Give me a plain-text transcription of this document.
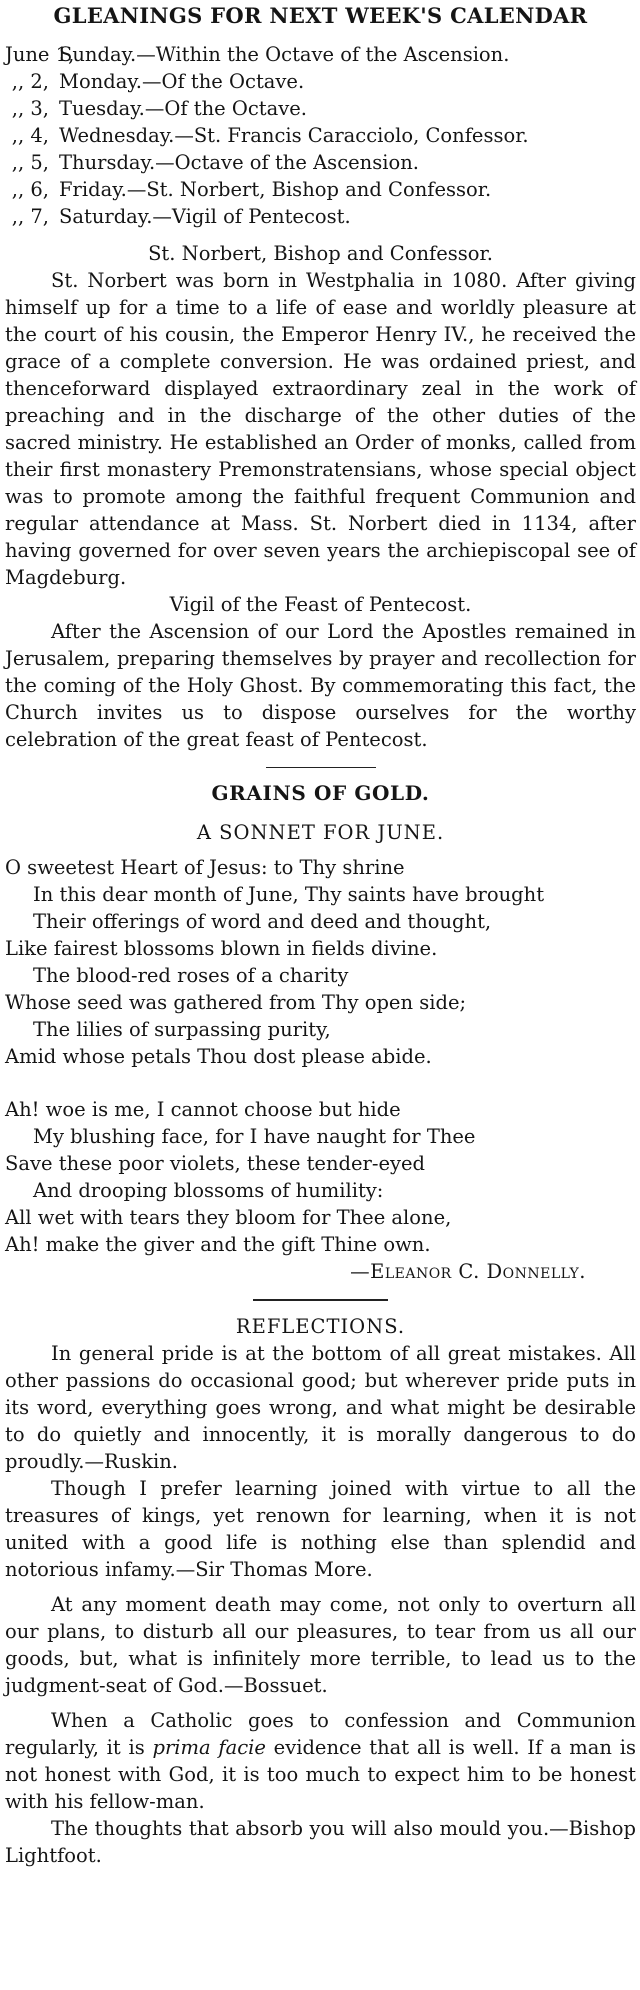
GLEANINGS FOR NEXT WEEK'S CALENDAR
June 1,Sunday.—Within the Octave of the Ascension.
,, 2, Monday.—Of the Octave.
,, 3, Tuesday.—Of the Octave.
,, 4, Wednesday.—St. Francis Caracciolo, Confessor.
,, 5, Thursday.—Octave of the Ascension.
,, 6, Friday.—St. Norbert, Bishop and Confessor.
,, 7, Saturday.—Vigil of Pentecost.
St. Norbert, Bishop and Confessor.

St. Norbert was born in Westphalia in 1080. After giving himself up for a time to a life of ease and worldly pleasure at the court of his cousin, the Emperor Henry IV., he received the grace of a complete conversion. He was ordained priest, and thenceforward displayed extraordinary zeal in the work of preaching and in the discharge of the other duties of the sacred ministry. He established an Order of monks, called from their first monastery Premonstratensians, whose special object was to promote among the faithful frequent Communion and regular attendance at Mass. St. Norbert died in 1134, after having governed for over seven years the archiepiscopal see of Magdeburg.

Vigil of the Feast of Pentecost.

After the Ascension of our Lord the Apostles remained in Jerusalem, preparing themselves by prayer and recollection for the coming of the Holy Ghost. By commemorating this fact, the Church invites us to dispose ourselves for the worthy celebration of the great feast of Pentecost.

GRAINS OF GOLD.
A SONNET FOR JUNE.
O sweetest Heart of Jesus: to Thy shrine
In this dear month of June, Thy saints have brought
Their offerings of word and deed and thought,
Like fairest blossoms blown in fields divine.
The blood-red roses of a charity
Whose seed was gathered from Thy open side;
The lilies of surpassing purity,
Amid whose petals Thou dost please abide.
Ah! woe is me, I cannot choose but hide
My blushing face, for I have naught for Thee
Save these poor violets, these tender-eyed
And drooping blossoms of humility:
All wet with tears they bloom for Thee alone,
Ah! make the giver and the gift Thine own.
—Eleanor C. Donnelly.
REFLECTIONS.

In general pride is at the bottom of all great mistakes. All other passions do occasional good; but wherever pride puts in its word, everything goes wrong, and what might be desirable to do quietly and innocently, it is morally dangerous to do proudly.—Ruskin.

Though I prefer learning joined with virtue to all the treasures of kings, yet renown for learning, when it is not united with a good life is nothing else than splendid and notorious infamy.—Sir Thomas More.

At any moment death may come, not only to overturn all our plans, to disturb all our pleasures, to tear from us all our goods, but, what is infinitely more terrible, to lead us to the judgment-seat of God.—Bossuet.

When a Catholic goes to confession and Communion regularly, it is prima facie evidence that all is well. If a man is not honest with God, it is too much to expect him to be honest with his fellow-man.

The thoughts that absorb you will also mould you.—Bishop Lightfoot.
